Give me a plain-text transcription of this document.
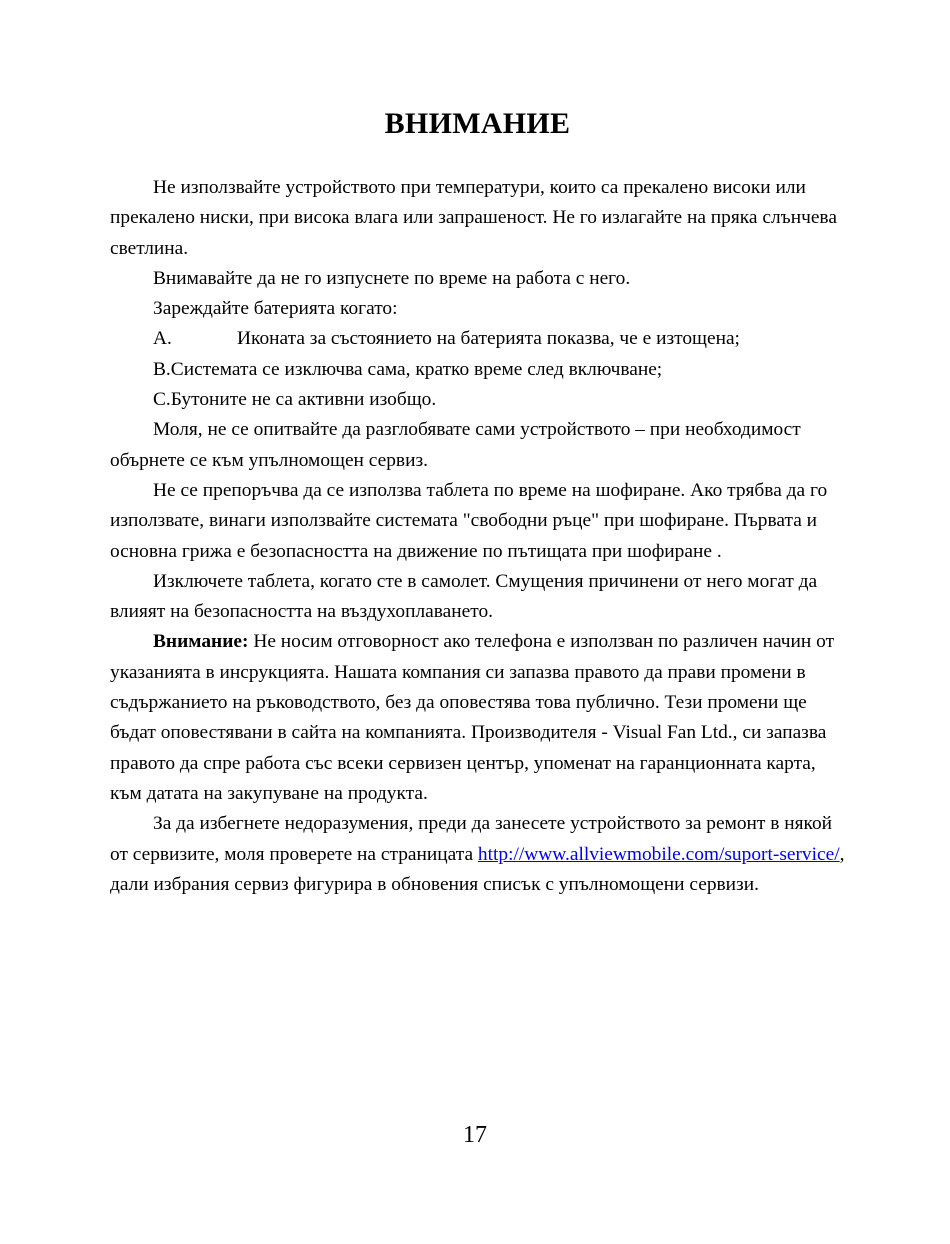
ВНИМАНИЕ

Не използвайте устройството при температури, които са прекалено високи или прекалено ниски, при висока влага или запрашеност. Не го излагайте на пряка слънчева светлина.

Внимавайте да не го изпуснете по време на работа с него.

Зареждайте батерията когато:

A.	Иконата за състоянието на батерията показва, че е изтощена;

B.Системата се изключва сама, кратко време след включване;

C.Бутоните не са активни изобщо.

Моля, не се опитвайте да разглобявате сами устройството – при необходимост обърнете се към упълномощен сервиз.

Не се препоръчва да се използва таблета по време на шофиране. Ако трябва да го използвате, винаги използвайте системата "свободни ръце" при шофиране. Първата и основна грижа е безопасността на движение по пътищата при шофиране .

Изключете таблета, когато сте в самолет. Смущения причинени от него могат да влияят на безопасността на въздухоплаването.

Внимание: Не носим отговорност ако телефона е използван по различен начин от указанията в инсрукцията. Нашата компания си запазва правото да прави промени в съдържанието на ръководството, без да оповестява това публично. Тези промени ще бъдат оповестявани в сайта на компанията. Производителя - Visual Fan Ltd., си запазва правото да спре работа със всеки сервизен център, упоменат на гаранционната карта, към датата на закупуване на продукта.

За да избегнете недоразумения, преди да занесете устройството за ремонт в някой от сервизите, моля проверете на страницата http://www.allviewmobile.com/suport-service/, дали избрания сервиз фигурира в обновения списък с упълномощени сервизи.

17
